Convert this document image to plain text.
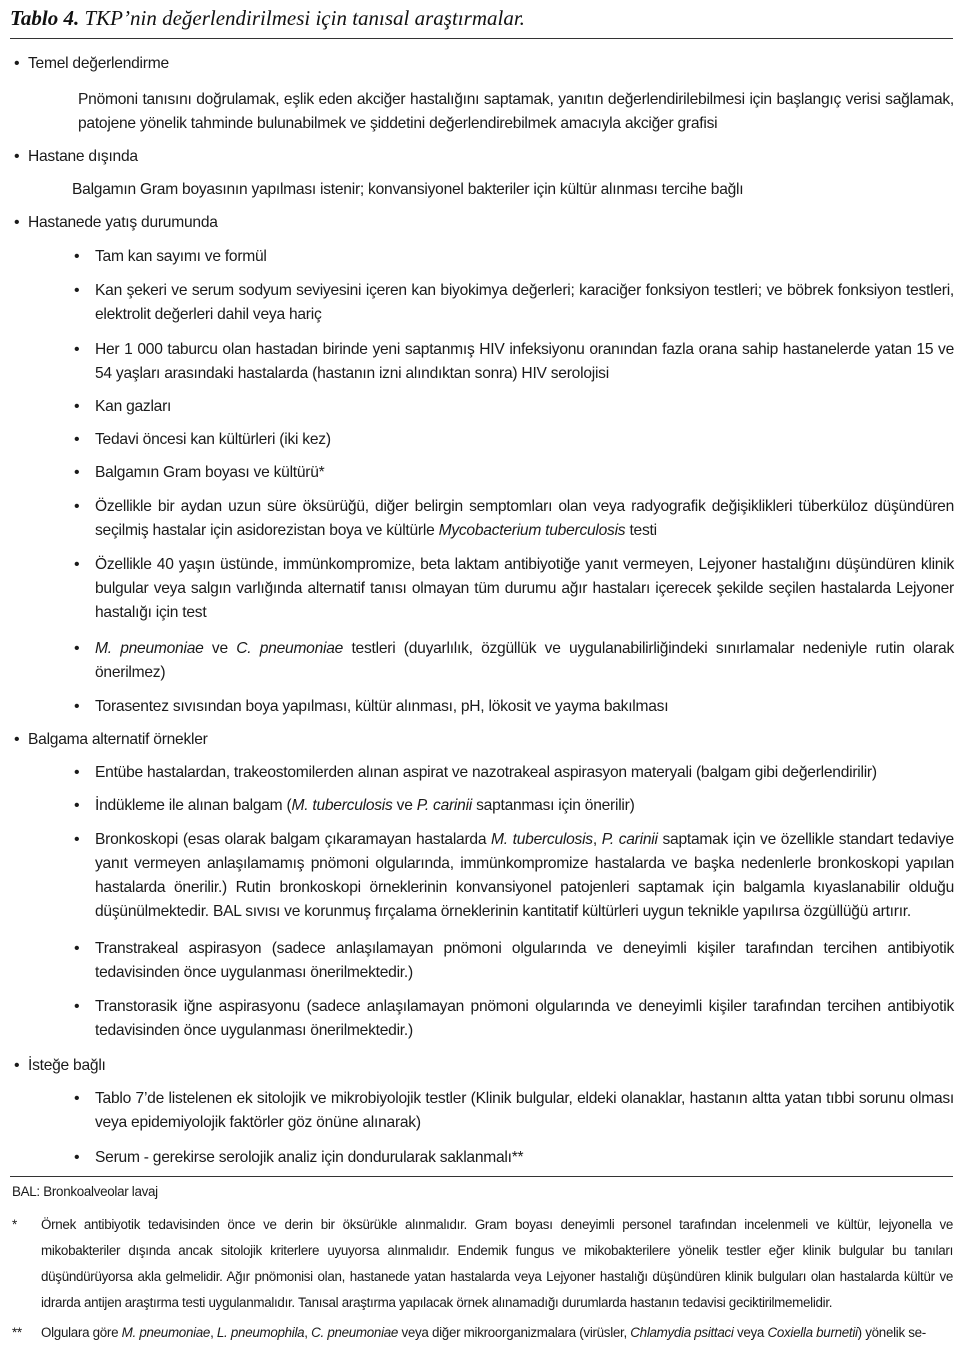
Tablo 4. TKP’nin değerlendirilmesi için tanısal araştırmalar.
• Temel değerlendirme
Pnömoni tanısını doğrulamak, eşlik eden akciğer hastalığını saptamak, yanıtın değerlendirilebilmesi için başlangıç verisi sağlamak, patojene yönelik tahminde bulunabilmek ve şiddetini değerlendirebilmek amacıyla akciğer grafisi
• Hastane dışında
Balgamın Gram boyasının yapılması istenir; konvansiyonel bakteriler için kültür alınması tercihe bağlı
• Hastanede yatış durumunda
•	Tam kan sayımı ve formül
•	Kan şekeri ve serum sodyum seviyesini içeren kan biyokimya değerleri; karaciğer fonksiyon testleri; ve böbrek fonksiyon testleri, elektrolit değerleri dahil veya hariç
•	Her 1 000 taburcu olan hastadan birinde yeni saptanmış HIV infeksiyonu oranından fazla orana sahip hastanelerde yatan 15 ve 54 yaşları arasındaki hastalarda (hastanın izni alındıktan sonra) HIV serolojisi
•	Kan gazları
•	Tedavi öncesi kan kültürleri (iki kez)
•	Balgamın Gram boyası ve kültürü*
•	Özellikle bir aydan uzun süre öksürüğü, diğer belirgin semptomları olan veya radyografik değişiklikleri tüberküloz düşündüren seçilmiş hastalar için asidorezistan boya ve kültürle Mycobacterium tuberculosis testi
•	Özellikle 40 yaşın üstünde, immünkompromize, beta laktam antibiyotiğe yanıt vermeyen, Lejyoner hastalığını düşündüren klinik bulgular veya salgın varlığında alternatif tanısı olmayan tüm durumu ağır hastaları içerecek şekilde seçilen hastalarda Lejyoner hastalığı için test
•	M. pneumoniae ve C. pneumoniae testleri (duyarlılık, özgüllük ve uygulanabilirliğindeki sınırlamalar nedeniyle rutin olarak önerilmez)
•	Torasentez sıvısından boya yapılması, kültür alınması, pH, lökosit ve yayma bakılması
• Balgama alternatif örnekler
•	Entübe hastalardan, trakeostomilerden alınan aspirat ve nazotrakeal aspirasyon materyali (balgam gibi değerlendirilir)
•	İndükleme ile alınan balgam (M. tuberculosis ve P. carinii saptanması için önerilir)
•	Bronkoskopi (esas olarak balgam çıkaramayan hastalarda M. tuberculosis, P. carinii saptamak için ve özellikle standart tedaviye yanıt vermeyen anlaşılamamış pnömoni olgularında, immünkompromize hastalarda ve başka nedenlerle bronkoskopi yapılan hastalarda önerilir.) Rutin bronkoskopi örneklerinin konvansiyonel patojenleri saptamak için balgamla kıyaslanabilir olduğu düşünülmektedir. BAL sıvısı ve korunmuş fırçalama örneklerinin kantitatif kültürleri uygun teknikle yapılırsa özgüllüğü artırır.
•	Transtrakeal aspirasyon (sadece anlaşılamayan pnömoni olgularında ve deneyimli kişiler tarafından tercihen antibiyotik tedavisinden önce uygulanması önerilmektedir.)
•	Transtorasik iğne aspirasyonu (sadece anlaşılamayan pnömoni olgularında ve deneyimli kişiler tarafından tercihen antibiyotik tedavisinden önce uygulanması önerilmektedir.)
• İsteğe bağlı
•	Tablo 7’de listelenen ek sitolojik ve mikrobiyolojik testler (Klinik bulgular, eldeki olanaklar, hastanın altta yatan tıbbi sorunu olması veya epidemiyolojik faktörler göz önüne alınarak)
•	Serum - gerekirse serolojik analiz için dondurularak saklanmalı**
BAL: Bronkoalveolar lavaj
* Örnek antibiyotik tedavisinden önce ve derin bir öksürükle alınmalıdır. Gram boyası deneyimli personel tarafından incelenmeli ve kültür, lejyonella ve mikobakteriler dışında ancak sitolojik kriterlere uyuyorsa alınmalıdır. Endemik fungus ve mikobakterilere yönelik testler eğer klinik bulgular bu tanıları düşündürüyorsa akla gelmelidir. Ağır pnömonisi olan, hastanede yatan hastalarda veya Lejyoner hastalığı düşündüren klinik bulguları olan hastalarda kültür ve idrarda antijen araştırma testi uygulanmalıdır. Tanısal araştırma yapılacak örnek alınamadığı durumlarda hastanın tedavisi geciktirilmemelidir.
** Olgulara göre M. pneumoniae, L. pneumophila, C. pneumoniae veya diğer mikroorganizmalara (virüsler, Chlamydia psittaci veya Coxiella burnetii) yönelik se-
